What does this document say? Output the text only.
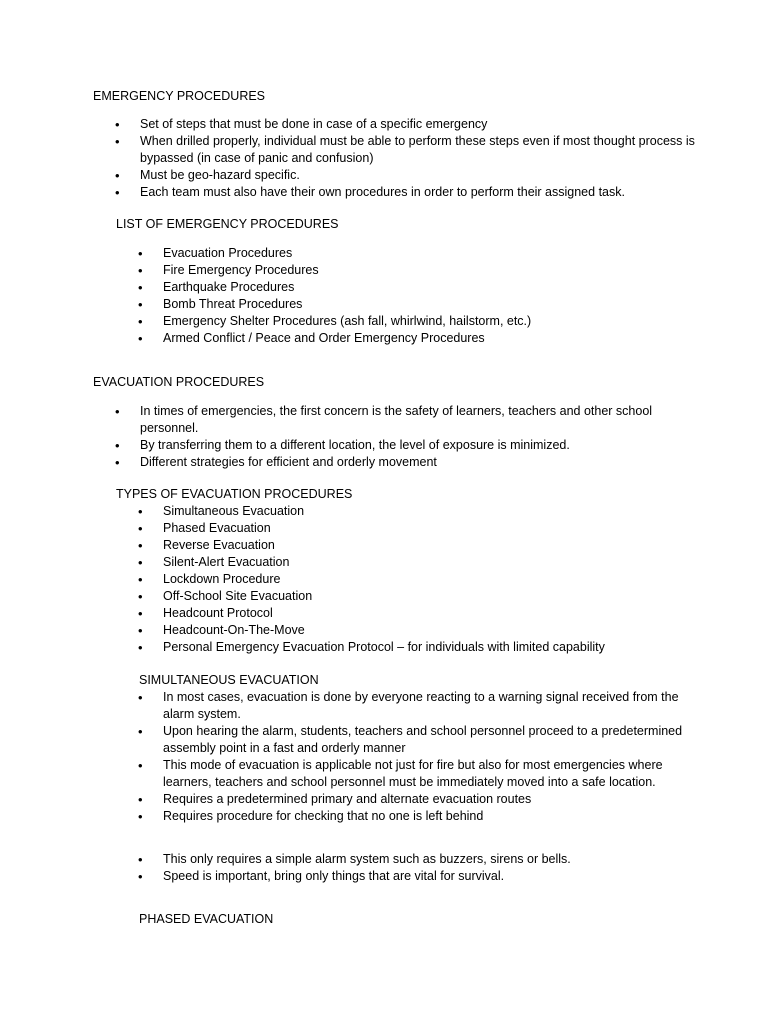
EMERGENCY PROCEDURES
• Set of steps that must be done in case of a specific emergency
• When drilled properly, individual must be able to perform these steps even if most thought process is bypassed (in case of panic and confusion)
• Must be geo-hazard specific.
• Each team must also have their own procedures in order to perform their assigned task.
LIST OF EMERGENCY PROCEDURES
• Evacuation Procedures
• Fire Emergency Procedures
• Earthquake Procedures
• Bomb Threat Procedures
• Emergency Shelter Procedures (ash fall, whirlwind, hailstorm, etc.)
• Armed Conflict / Peace and Order Emergency Procedures
EVACUATION PROCEDURES
• In times of emergencies, the first concern is the safety of learners, teachers and other school personnel.
• By transferring them to a different location, the level of exposure is minimized.
• Different strategies for efficient and orderly movement
TYPES OF EVACUATION PROCEDURES
• Simultaneous Evacuation
• Phased Evacuation
• Reverse Evacuation
• Silent-Alert Evacuation
• Lockdown Procedure
• Off-School Site Evacuation
• Headcount Protocol
• Headcount-On-The-Move
• Personal Emergency Evacuation Protocol – for individuals with limited capability
SIMULTANEOUS EVACUATION
• In most cases, evacuation is done by everyone reacting to a warning signal received from the alarm system.
• Upon hearing the alarm, students, teachers and school personnel proceed to a predetermined assembly point in a fast and orderly manner
• This mode of evacuation is applicable not just for fire but also for most emergencies where learners, teachers and school personnel must be immediately moved into a safe location.
• Requires a predetermined primary and alternate evacuation routes
• Requires procedure for checking that no one is left behind
• This only requires a simple alarm system such as buzzers, sirens or bells.
• Speed is important, bring only things that are vital for survival.
PHASED EVACUATION
